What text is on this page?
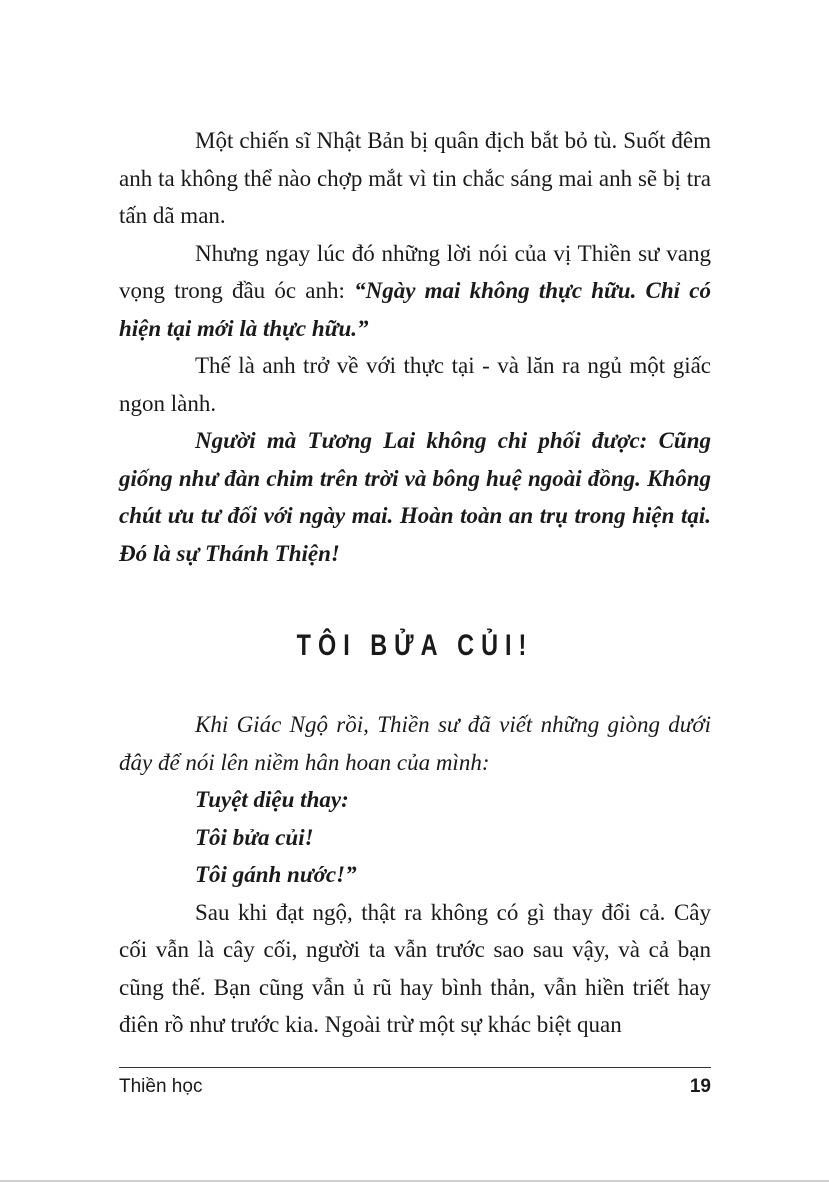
Một chiến sĩ Nhật Bản bị quân địch bắt bỏ tù. Suốt đêm anh ta không thể nào chợp mắt vì tin chắc sáng mai anh sẽ bị tra tấn dã man.

Nhưng ngay lúc đó những lời nói của vị Thiền sư vang vọng trong đầu óc anh: “Ngày mai không thực hữu. Chỉ có hiện tại mới là thực hữu.”

Thế là anh trở về với thực tại - và lăn ra ngủ một giấc ngon lành.

Người mà Tương Lai không chi phối được: Cũng giống như đàn chim trên trời và bông huệ ngoài đồng. Không chút ưu tư đối với ngày mai. Hoàn toàn an trụ trong hiện tại. Đó là sự Thánh Thiện!

TÔI BỬA CỦI!

Khi Giác Ngộ rồi, Thiền sư đã viết những giòng dưới đây để nói lên niềm hân hoan của mình:

Tuyệt diệu thay:

Tôi bửa củi!

Tôi gánh nước!”

Sau khi đạt ngộ, thật ra không có gì thay đổi cả. Cây cối vẫn là cây cối, người ta vẫn trước sao sau vậy, và cả bạn cũng thế. Bạn cũng vẫn ủ rũ hay bình thản, vẫn hiền triết hay điên rồ như trước kia. Ngoài trừ một sự khác biệt quan

Thiền học	19
